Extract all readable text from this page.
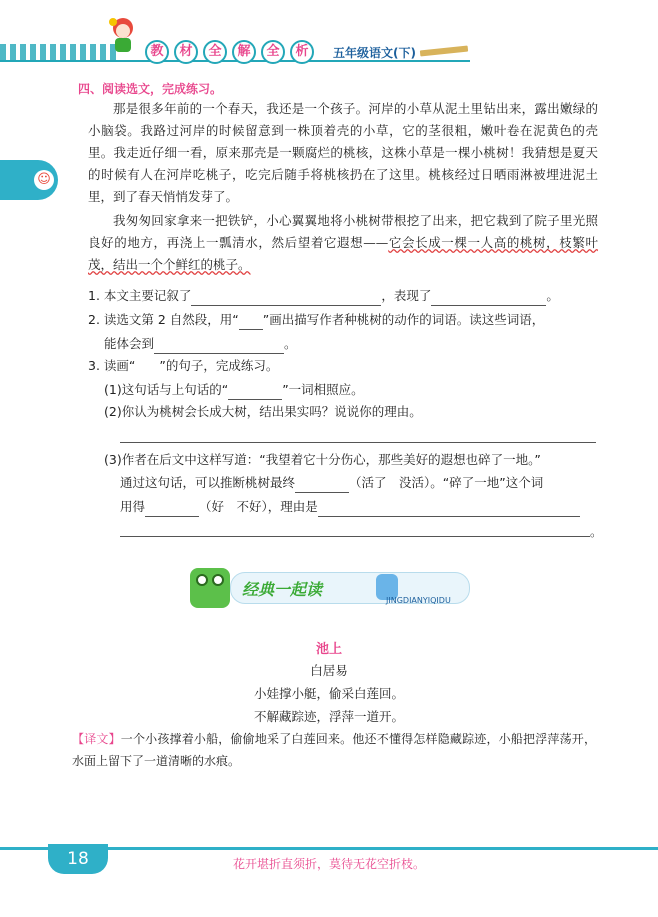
教	材	全	解	全	析	五年级语文(下)
☺
四、阅读选文，完成练习。
那是很多年前的一个春天，我还是一个孩子。河岸的小草从泥土里钻出来，露出嫩绿的小脑袋。我路过河岸的时候留意到一株顶着壳的小草，它的茎很粗，嫩叶卷在泥黄色的壳里。我走近仔细一看，原来那壳是一颗腐烂的桃核，这株小草是一棵小桃树！我猜想是夏天的时候有人在河岸吃桃子，吃完后随手将桃核扔在了这里。桃核经过日晒雨淋被埋进泥土里，到了春天悄悄发芽了。
我匆匆回家拿来一把铁铲，小心翼翼地将小桃树带根挖了出来，把它栽到了院子里光照良好的地方，再浇上一瓢清水，然后望着它遐想——它会长成一棵一人高的桃树，枝繁叶茂，结出一个个鲜红的桃子。
1. 本文主要记叙了	，表现了	。
2. 读选文第 2 自然段，用“ ”画出描写作者种桃树的动作的词语。读这些词语，
能体会到	。
3. 读画“ ”的句子，完成练习。
(1)这句话与上句话的“	”一词相照应。
(2)你认为桃树会长成大树，结出果实吗？说说你的理由。
(3)作者在后文中这样写道：“我望着它十分伤心，那些美好的遐想也碎了一地。”
通过这句话，可以推断桃树最终	（活了　没活）。“碎了一地”这个词
用得	（好　不好），理由是
。
经典一起读
JINGDIANYIQIDU
池上
白居易
小娃撑小艇，偷采白莲回。
不解藏踪迹，浮萍一道开。
【译文】一个小孩撑着小船，偷偷地采了白莲回来。他还不懂得怎样隐藏踪迹，小船把浮萍荡开，水面上留下了一道清晰的水痕。
18	花开堪折直须折，莫待无花空折枝。
